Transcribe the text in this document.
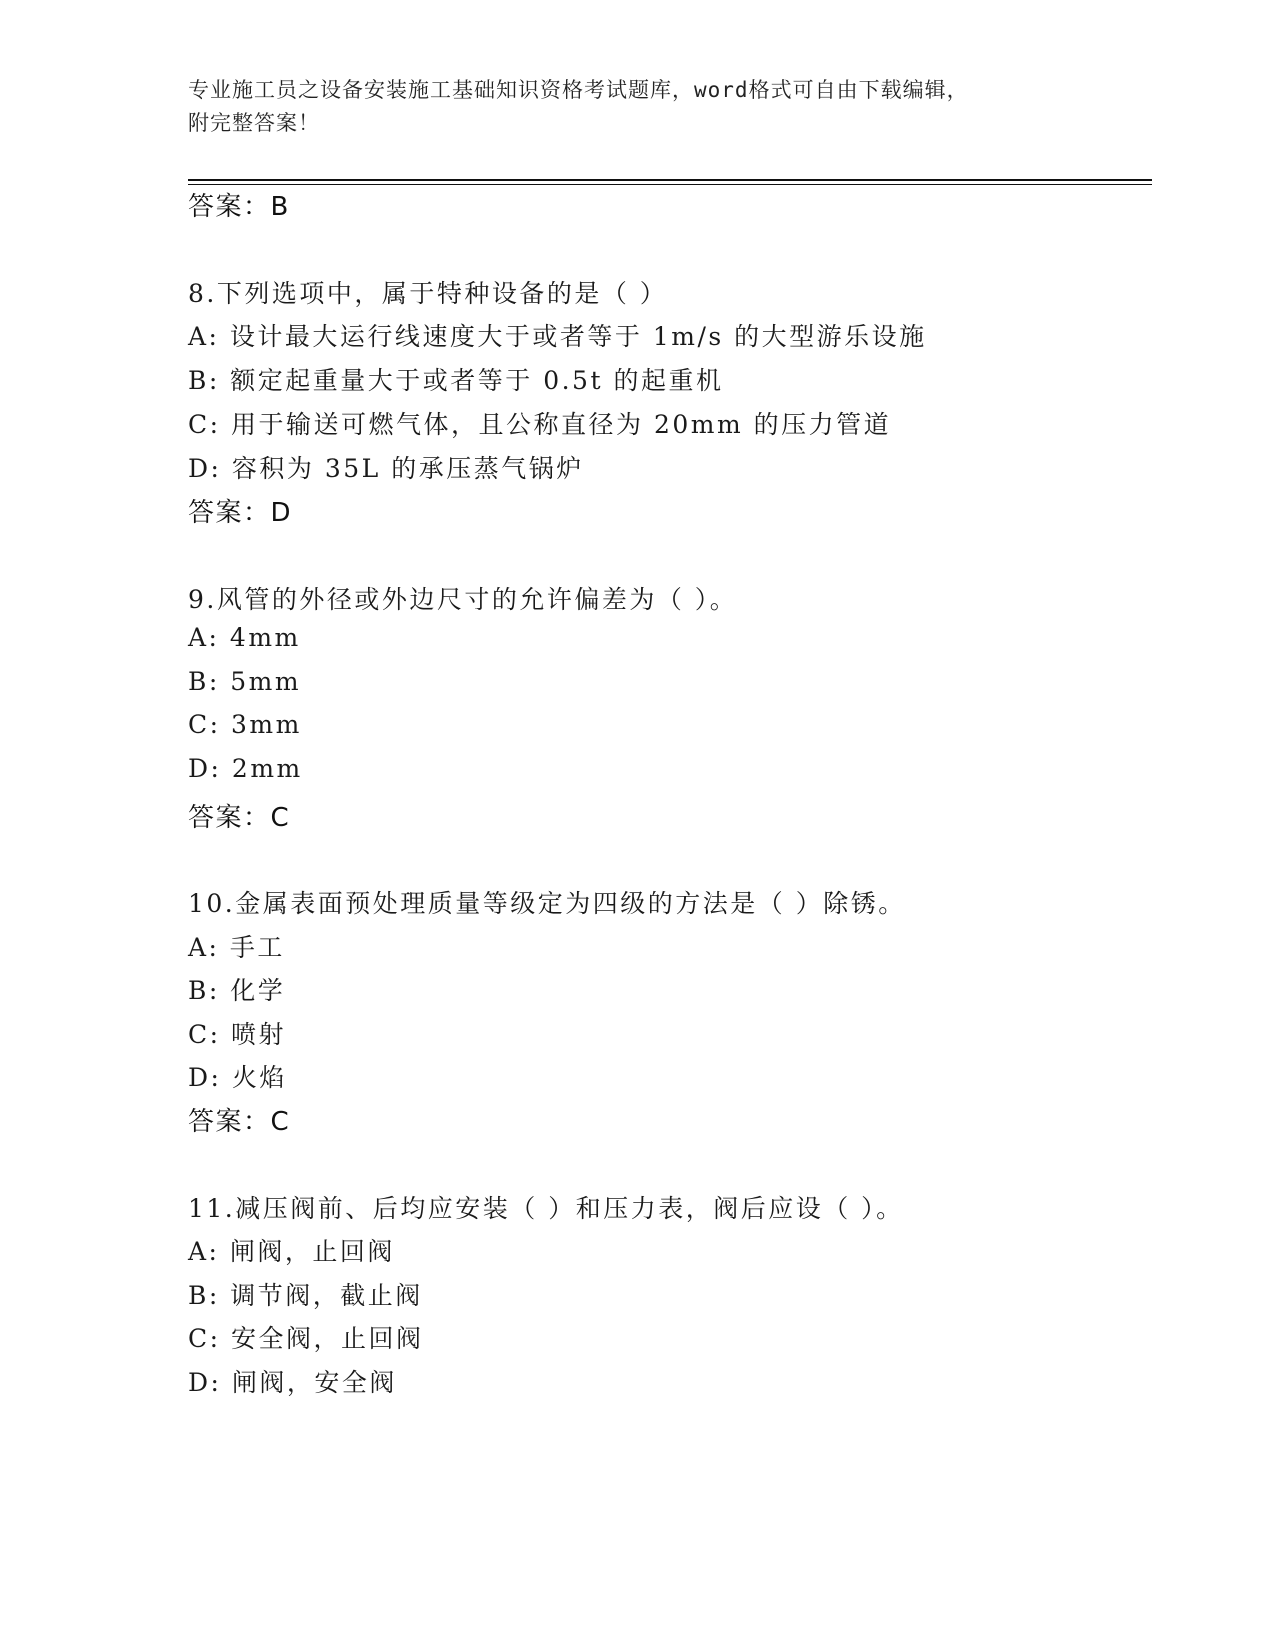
专业施工员之设备安装施工基础知识资格考试题库，word格式可自由下载编辑，
附完整答案！
答案：B
8.下列选项中，属于特种设备的是（ ）
A: 设计最大运行线速度大于或者等于 1m/s 的大型游乐设施
B: 额定起重量大于或者等于 0.5t 的起重机
C: 用于输送可燃气体，且公称直径为 20mm 的压力管道
D: 容积为 35L 的承压蒸气锅炉
答案：D
9.风管的外径或外边尺寸的允许偏差为（ ）。
A: 4mm
B: 5mm
C: 3mm
D: 2mm
答案：C
10.金属表面预处理质量等级定为四级的方法是（ ）除锈。
A: 手工
B: 化学
C: 喷射
D: 火焰
答案：C
11.减压阀前、后均应安装（ ）和压力表，阀后应设（ ）。
A: 闸阀，止回阀
B: 调节阀，截止阀
C: 安全阀，止回阀
D: 闸阀，安全阀
